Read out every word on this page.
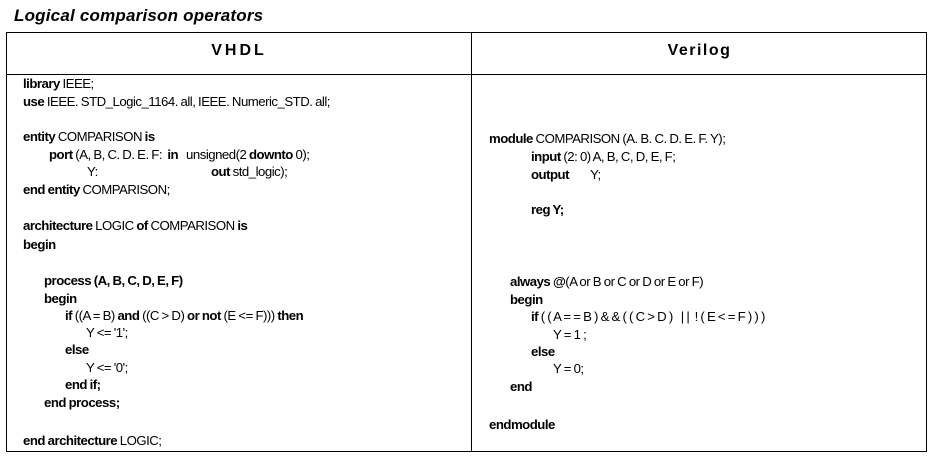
Logical comparison operators
VHDL	Verilog
library IEEE;
use IEEE. STD_Logic_1164. all, IEEE. Numeric_STD. all;
entity COMPARISON is
port (A, B, C. D. E. F:  in   unsigned(2 downto 0);
Y:	out std_logic);
end entity COMPARISON;
architecture LOGIC of COMPARISON is
begin
process (A, B, C, D, E, F)
begin
if ((A = B) and ((C > D) or not (E <= F))) then
Y <= '1';
else
Y <= '0';
end if;
end process;
end architecture LOGIC;
module COMPARISON (A. B. C. D. E. F. Y);
input (2: 0) A, B, C, D, E, F;
output        Y;
reg Y;
always @(A or B or C or D or E or F)
begin
if ( ( A = = B ) & & ( ( C > D )   | |  ! ( E < = F ) ) )
Y = 1 ;
else
Y = 0;
end
endmodule
